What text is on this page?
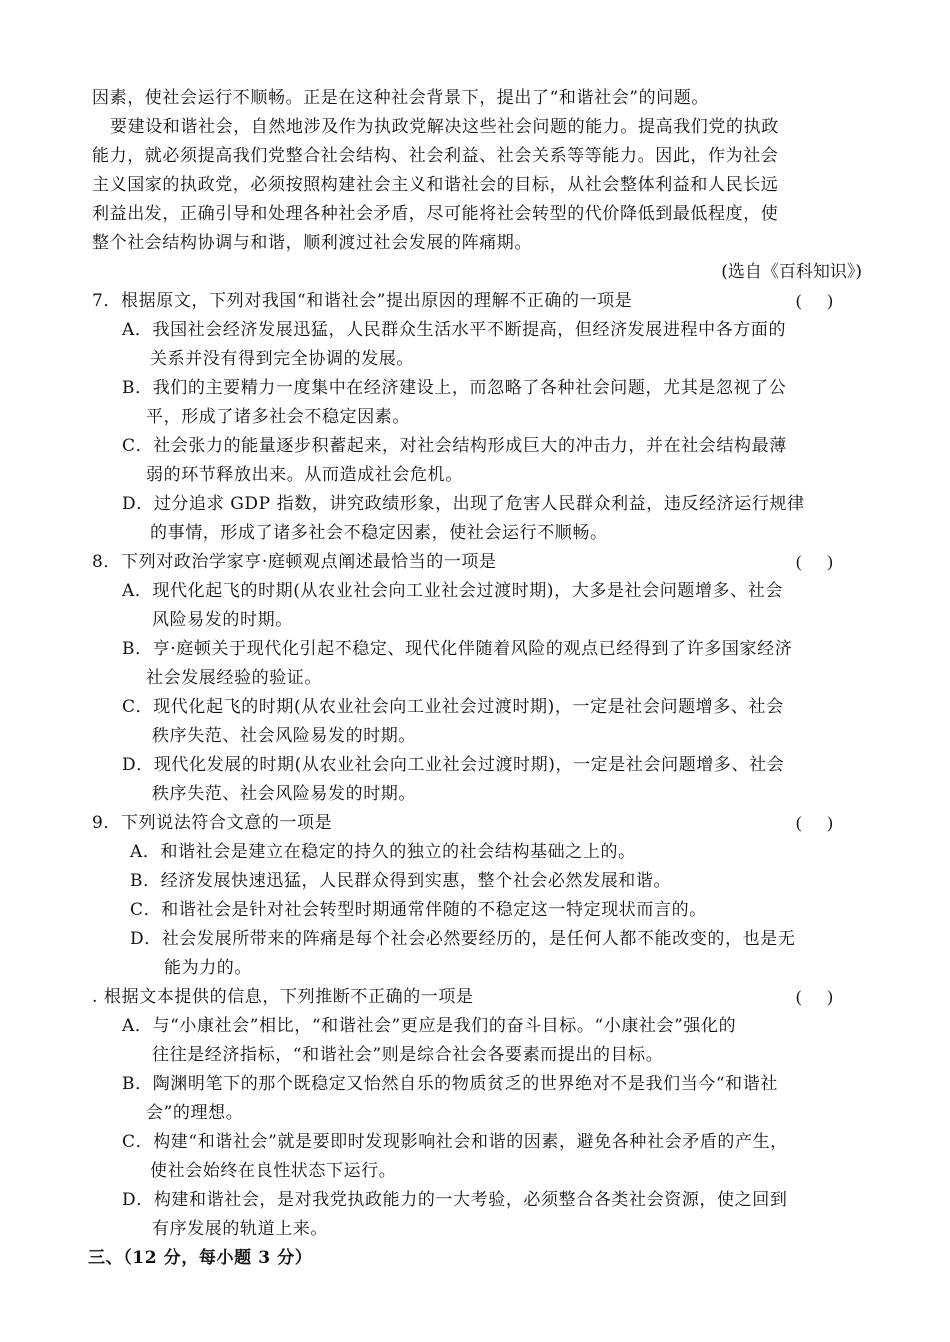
因素，使社会运行不顺畅。正是在这种社会背景下，提出了“和谐社会”的问题。
要建设和谐社会，自然地涉及作为执政党解决这些社会问题的能力。提高我们党的执政
能力，就必须提高我们党整合社会结构、社会利益、社会关系等等能力。因此，作为社会
主义国家的执政党，必须按照构建社会主义和谐社会的目标，从社会整体利益和人民长远
利益出发，正确引导和处理各种社会矛盾，尽可能将社会转型的代价降低到最低程度，使
整个社会结构协调与和谐，顺利渡过社会发展的阵痛期。
(选自《百科知识》)
7．根据原文，下列对我国“和谐社会”提出原因的理解不正确的一项是	(      )
A．我国社会经济发展迅猛，人民群众生活水平不断提高，但经济发展进程中各方面的
关系并没有得到完全协调的发展。
B．我们的主要精力一度集中在经济建设上，而忽略了各种社会问题，尤其是忽视了公
平，形成了诸多社会不稳定因素。
C．社会张力的能量逐步积蓄起来，对社会结构形成巨大的冲击力，并在社会结构最薄
弱的环节释放出来。从而造成社会危机。
D．过分追求 GDP 指数，讲究政绩形象，出现了危害人民群众利益，违反经济运行规律
的事情，形成了诸多社会不稳定因素，使社会运行不顺畅。
8．下列对政治学家亨·庭顿观点阐述最恰当的一项是	(      )
A．现代化起飞的时期(从农业社会向工业社会过渡时期)，大多是社会问题增多、社会
风险易发的时期。
B．亨·庭顿关于现代化引起不稳定、现代化伴随着风险的观点已经得到了许多国家经济
社会发展经验的验证。
C．现代化起飞的时期(从农业社会向工业社会过渡时期)，一定是社会问题增多、社会
秩序失范、社会风险易发的时期。
D．现代化发展的时期(从农业社会向工业社会过渡时期)，一定是社会问题增多、社会
秩序失范、社会风险易发的时期。
9．下列说法符合文意的一项是	(      )
A．和谐社会是建立在稳定的持久的独立的社会结构基础之上的。
B．经济发展快速迅猛，人民群众得到实惠，整个社会必然发展和谐。
C．和谐社会是针对社会转型时期通常伴随的不稳定这一特定现状而言的。
D．社会发展所带来的阵痛是每个社会必然要经历的，是任何人都不能改变的，也是无
能为力的。
. 根据文本提供的信息，下列推断不正确的一项是	(      )
A．与“小康社会”相比，“和谐社会”更应是我们的奋斗目标。“小康社会”强化的
往往是经济指标，“和谐社会”则是综合社会各要素而提出的目标。
B．陶渊明笔下的那个既稳定又怡然自乐的物质贫乏的世界绝对不是我们当今“和谐社
会”的理想。
C．构建“和谐社会”就是要即时发现影响社会和谐的因素，避免各种社会矛盾的产生，
使社会始终在良性状态下运行。
D．构建和谐社会，是对我党执政能力的一大考验，必须整合各类社会资源，使之回到
有序发展的轨道上来。
三、（12 分，每小题 3 分）
